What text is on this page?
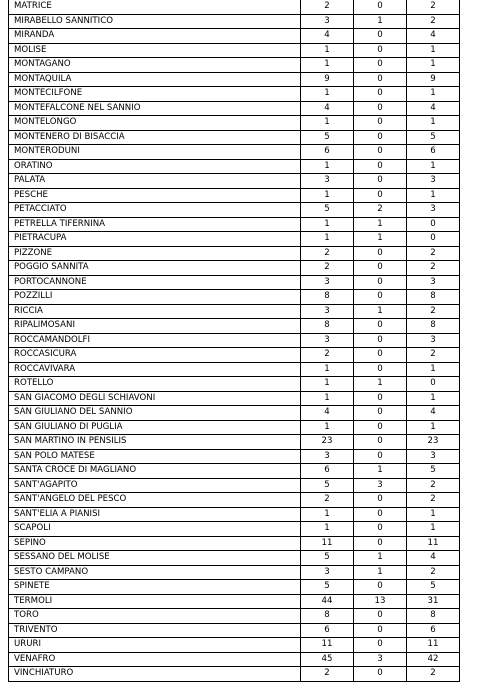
MATRICE	2	0	2
MIRABELLO SANNITICO	3	1	2
MIRANDA	4	0	4
MOLISE	1	0	1
MONTAGANO	1	0	1
MONTAQUILA	9	0	9
MONTECILFONE	1	0	1
MONTEFALCONE NEL SANNIO	4	0	4
MONTELONGO	1	0	1
MONTENERO DI BISACCIA	5	0	5
MONTERODUNI	6	0	6
ORATINO	1	0	1
PALATA	3	0	3
PESCHE	1	0	1
PETACCIATO	5	2	3
PETRELLA TIFERNINA	1	1	0
PIETRACUPA	1	1	0
PIZZONE	2	0	2
POGGIO SANNITA	2	0	2
PORTOCANNONE	3	0	3
POZZILLI	8	0	8
RICCIA	3	1	2
RIPALIMOSANI	8	0	8
ROCCAMANDOLFI	3	0	3
ROCCASICURA	2	0	2
ROCCAVIVARA	1	0	1
ROTELLO	1	1	0
SAN GIACOMO DEGLI SCHIAVONI	1	0	1
SAN GIULIANO DEL SANNIO	4	0	4
SAN GIULIANO DI PUGLIA	1	0	1
SAN MARTINO IN PENSILIS	23	0	23
SAN POLO MATESE	3	0	3
SANTA CROCE DI MAGLIANO	6	1	5
SANT'AGAPITO	5	3	2
SANT'ANGELO DEL PESCO	2	0	2
SANT'ELIA A PIANISI	1	0	1
SCAPOLI	1	0	1
SEPINO	11	0	11
SESSANO DEL MOLISE	5	1	4
SESTO CAMPANO	3	1	2
SPINETE	5	0	5
TERMOLI	44	13	31
TORO	8	0	8
TRIVENTO	6	0	6
URURI	11	0	11
VENAFRO	45	3	42
VINCHIATURO	2	0	2
